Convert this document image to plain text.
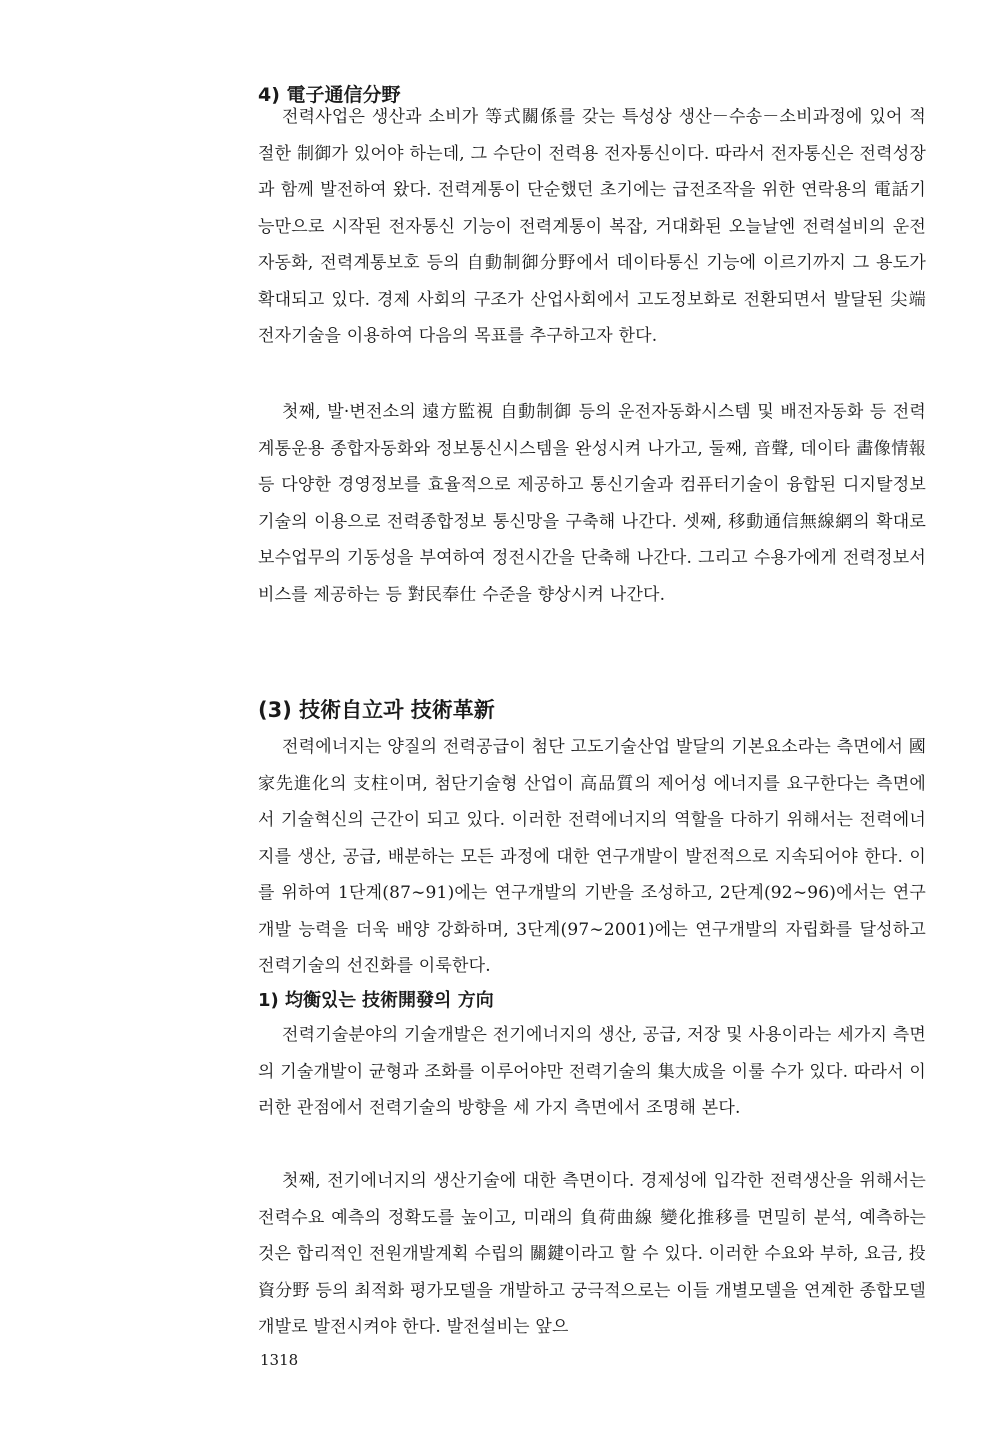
4) 電子通信分野

전력사업은 생산과 소비가 等式關係를 갖는 특성상 생산－수송－소비과정에 있어 적절한 制御가 있어야 하는데, 그 수단이 전력용 전자통신이다. 따라서 전자통신은 전력성장과 함께 발전하여 왔다. 전력계통이 단순했던 초기에는 급전조작을 위한 연락용의 電話기능만으로 시작된 전자통신 기능이 전력계통이 복잡, 거대화된 오늘날엔 전력설비의 운전자동화, 전력계통보호 등의 自動制御分野에서 데이타통신 기능에 이르기까지 그 용도가 확대되고 있다. 경제 사회의 구조가 산업사회에서 고도정보화로 전환되면서 발달된 尖端전자기술을 이용하여 다음의 목표를 추구하고자 한다.

첫째, 발·변전소의 遠方監視 自動制御 등의 운전자동화시스템 및 배전자동화 등 전력계통운용 종합자동화와 정보통신시스템을 완성시켜 나가고, 둘째, 音聲, 데이타 畵像情報 등 다양한 경영정보를 효율적으로 제공하고 통신기술과 컴퓨터기술이 융합된 디지탈정보기술의 이용으로 전력종합정보 통신망을 구축해 나간다. 셋째, 移動通信無線網의 확대로 보수업무의 기동성을 부여하여 정전시간을 단축해 나간다. 그리고 수용가에게 전력정보서비스를 제공하는 등 對民奉仕 수준을 향상시켜 나간다.

(3) 技術自立과 技術革新

전력에너지는 양질의 전력공급이 첨단 고도기술산업 발달의 기본요소라는 측면에서 國家先進化의 支柱이며, 첨단기술형 산업이 高品質의 제어성 에너지를 요구한다는 측면에서 기술혁신의 근간이 되고 있다. 이러한 전력에너지의 역할을 다하기 위해서는 전력에너지를 생산, 공급, 배분하는 모든 과정에 대한 연구개발이 발전적으로 지속되어야 한다. 이를 위하여 1단계(87∼91)에는 연구개발의 기반을 조성하고, 2단계(92∼96)에서는 연구개발 능력을 더욱 배양 강화하며, 3단계(97∼2001)에는 연구개발의 자립화를 달성하고 전력기술의 선진화를 이룩한다.

1) 均衡있는 技術開發의 方向

전력기술분야의 기술개발은 전기에너지의 생산, 공급, 저장 및 사용이라는 세가지 측면의 기술개발이 균형과 조화를 이루어야만 전력기술의 集大成을 이룰 수가 있다. 따라서 이러한 관점에서 전력기술의 방향을 세 가지 측면에서 조명해 본다.

첫째, 전기에너지의 생산기술에 대한 측면이다. 경제성에 입각한 전력생산을 위해서는 전력수요 예측의 정확도를 높이고, 미래의 負荷曲線 變化推移를 면밀히 분석, 예측하는 것은 합리적인 전원개발계획 수립의 關鍵이라고 할 수 있다. 이러한 수요와 부하, 요금, 投資分野 등의 최적화 평가모델을 개발하고 궁극적으로는 이들 개별모델을 연계한 종합모델 개발로 발전시켜야 한다. 발전설비는 앞으

1318
